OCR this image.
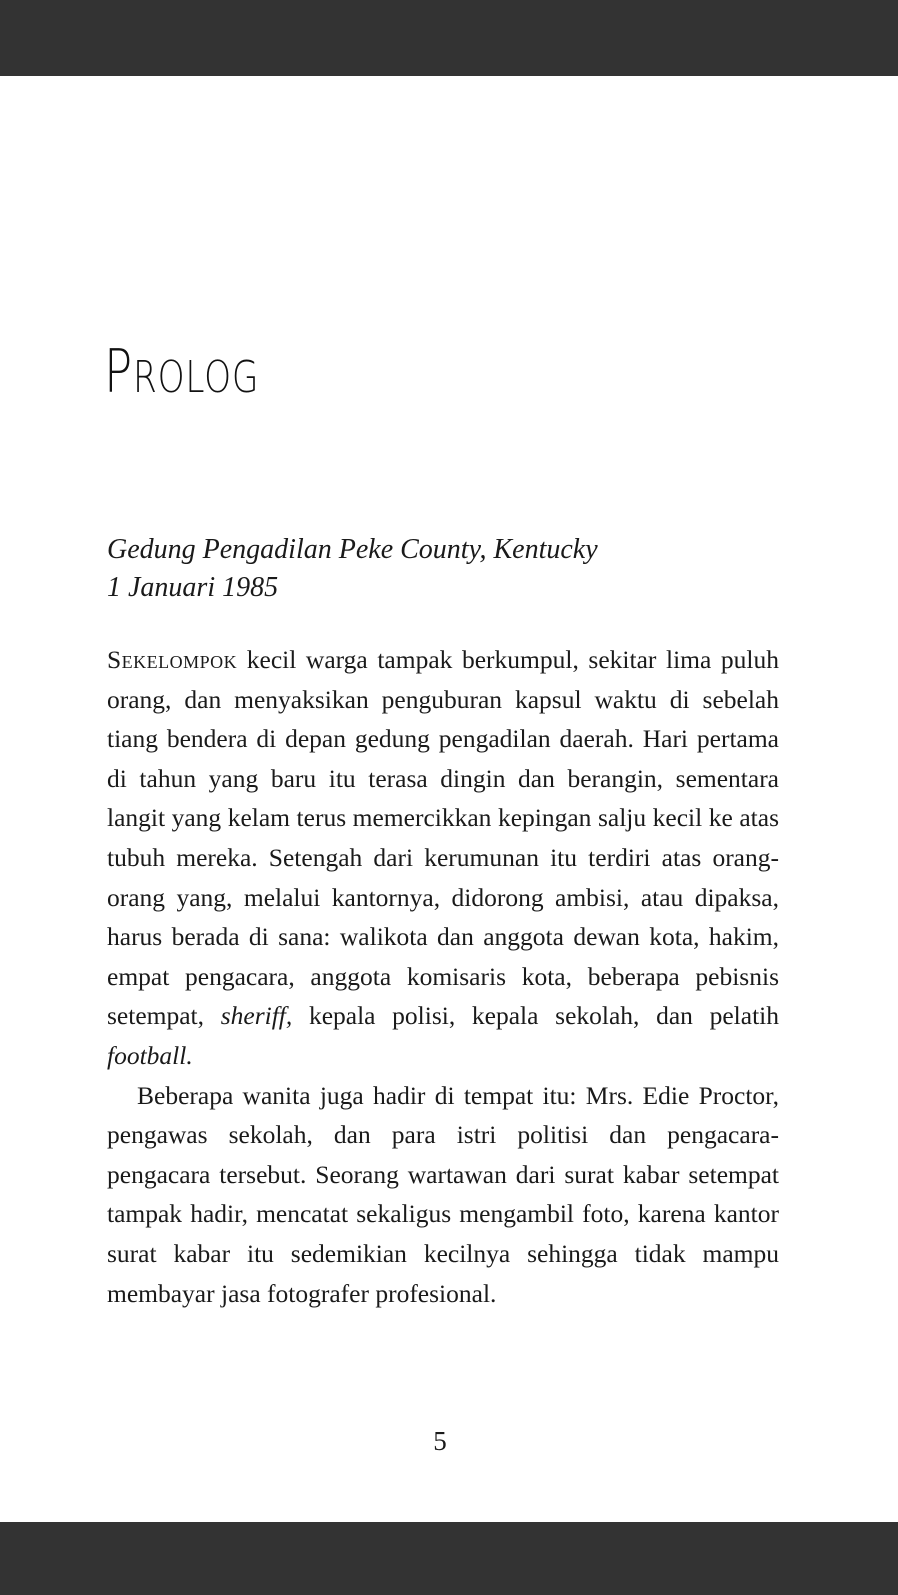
PROLOG
Gedung Pengadilan Peke County, Kentucky
1 Januari 1985

Sekelompok kecil warga tampak berkumpul, sekitar lima puluh orang, dan menyaksikan penguburan kapsul waktu di sebelah tiang bendera di depan gedung pengadilan daerah. Hari pertama di tahun yang baru itu terasa dingin dan berangin, sementara langit yang kelam terus memercikkan kepingan salju kecil ke atas tubuh mereka. Setengah dari kerumunan itu terdiri atas orang-orang yang, melalui kantornya, didorong ambisi, atau dipaksa, harus berada di sana: walikota dan anggota dewan kota, hakim, empat pengacara, anggota komisaris kota, beberapa pebisnis setempat, sheriff, kepala polisi, kepala sekolah, dan pelatih football.

Beberapa wanita juga hadir di tempat itu: Mrs. Edie Proctor, pengawas sekolah, dan para istri politisi dan pengacara-pengacara tersebut. Seorang wartawan dari surat kabar setempat tampak hadir, mencatat sekaligus mengambil foto, karena kantor surat kabar itu sedemikian kecilnya sehingga tidak mampu membayar jasa fotografer profesional.

5
